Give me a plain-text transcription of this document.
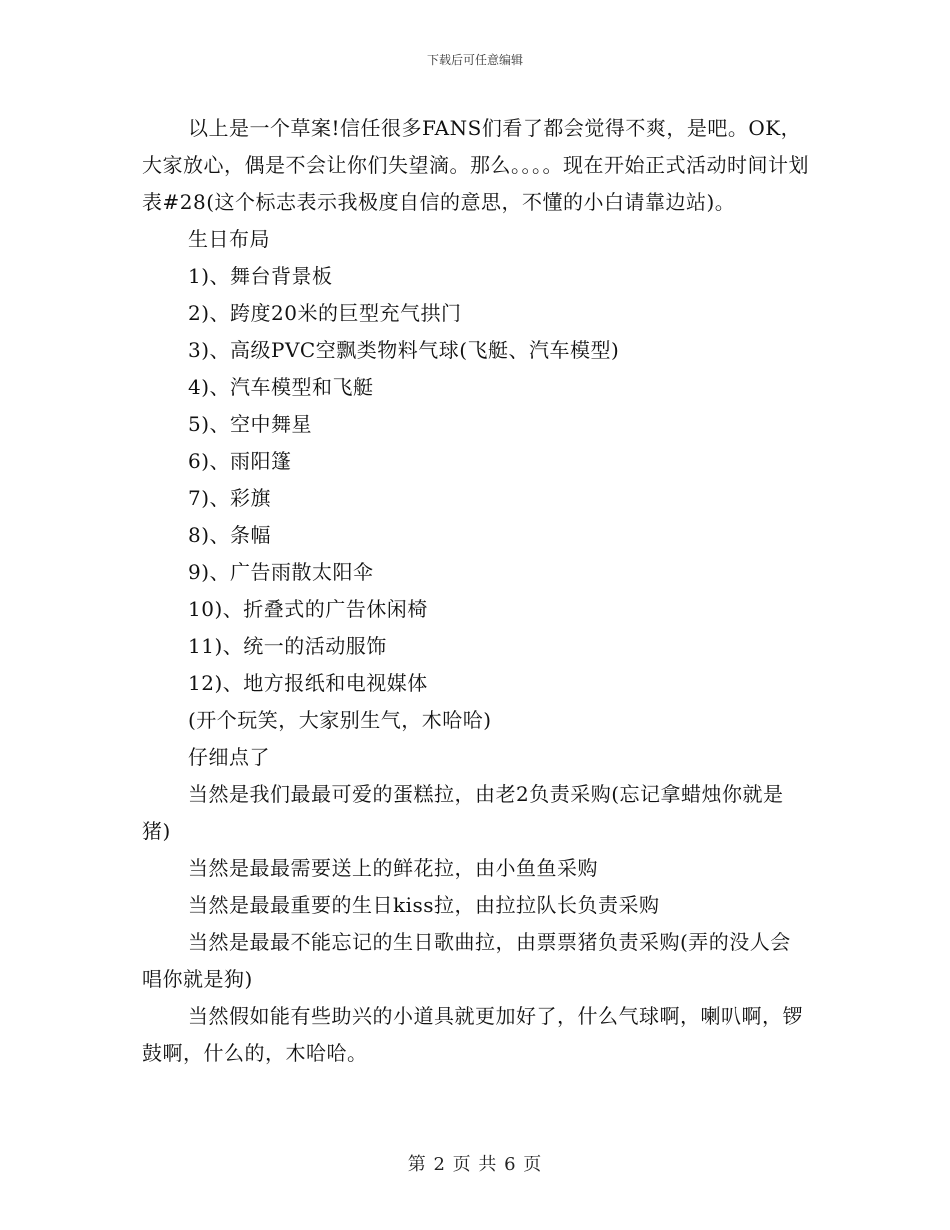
下载后可任意编辑

以上是一个草案!信任很多FANS们看了都会觉得不爽，是吧。OK，大家放心，偶是不会让你们失望滴。那么。。。。现在开始正式活动时间计划表#28(这个标志表示我极度自信的意思，不懂的小白请靠边站)。

生日布局

1)、舞台背景板

2)、跨度20米的巨型充气拱门

3)、高级PVC空飘类物料气球(飞艇、汽车模型)

4)、汽车模型和飞艇

5)、空中舞星

6)、雨阳篷

7)、彩旗

8)、条幅

9)、广告雨散太阳伞

10)、折叠式的广告休闲椅

11)、统一的活动服饰

12)、地方报纸和电视媒体

(开个玩笑，大家别生气，木哈哈)

仔细点了

当然是我们最最可爱的蛋糕拉，由老2负责采购(忘记拿蜡烛你就是猪)

当然是最最需要送上的鲜花拉，由小鱼鱼采购

当然是最最重要的生日kiss拉，由拉拉队长负责采购

当然是最最不能忘记的生日歌曲拉，由票票猪负责采购(弄的没人会唱你就是狗)

当然假如能有些助兴的小道具就更加好了，什么气球啊，喇叭啊，锣鼓啊，什么的，木哈哈。

第 2 页 共 6 页
